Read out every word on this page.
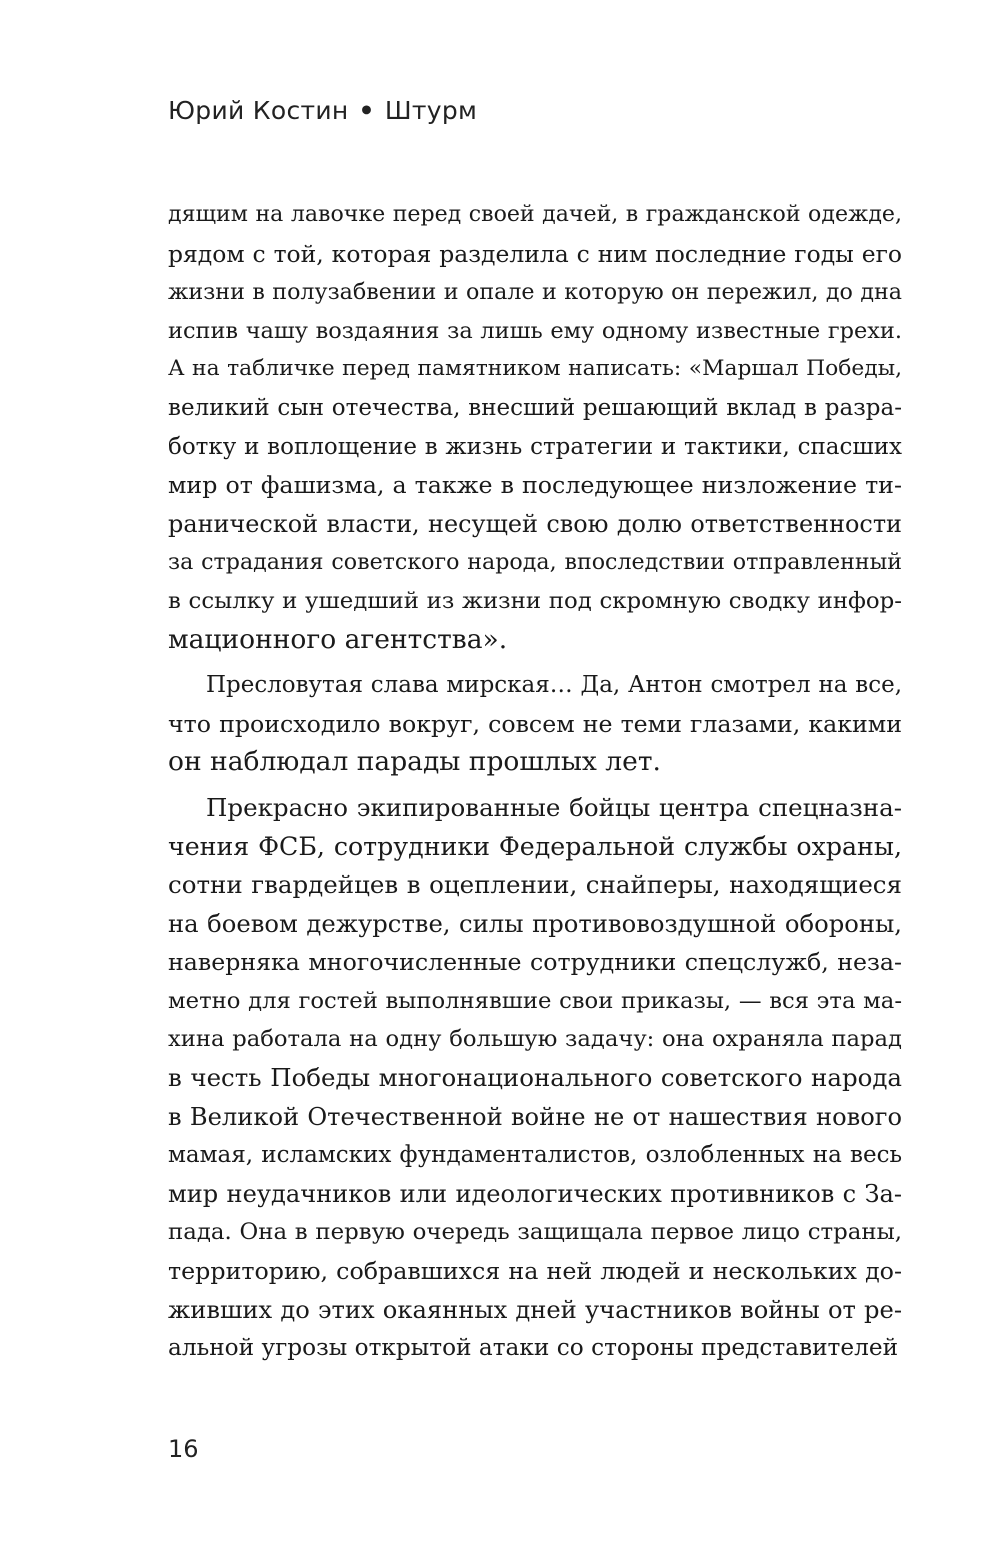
Юрий Костин • Штурм
дящим на лавочке перед своей дачей, в гражданской одежде,
рядом с той, которая разделила с ним последние годы его
жизни в полузабвении и опале и которую он пережил, до дна
испив чашу воздаяния за лишь ему одному известные грехи.
А на табличке перед памятником написать: «Маршал Победы,
великий сын отечества, внесший решающий вклад в разра-
ботку и воплощение в жизнь стратегии и тактики, спасших
мир от фашизма, а также в последующее низложение ти-
ранической власти, несущей свою долю ответственности
за страдания советского народа, впоследствии отправленный
в ссылку и ушедший из жизни под скромную сводку инфор-
мационного агентства».
Пресловутая слава мирская… Да, Антон смотрел на все,
что происходило вокруг, совсем не теми глазами, какими
он наблюдал парады прошлых лет.
Прекрасно экипированные бойцы центра спецназна-
чения ФСБ, сотрудники Федеральной службы охраны,
сотни гвардейцев в оцеплении, снайперы, находящиеся
на боевом дежурстве, силы противовоздушной обороны,
наверняка многочисленные сотрудники спецслужб, неза-
метно для гостей выполнявшие свои приказы, — вся эта ма-
хина работала на одну большую задачу: она охраняла парад
в честь Победы многонационального советского народа
в Великой Отечественной войне не от нашествия нового
мамая, исламских фундаменталистов, озлобленных на весь
мир неудачников или идеологических противников с За-
пада. Она в первую очередь защищала первое лицо страны,
территорию, собравшихся на ней людей и нескольких до-
живших до этих окаянных дней участников войны от ре-
альной угрозы открытой атаки со стороны представителей
16
